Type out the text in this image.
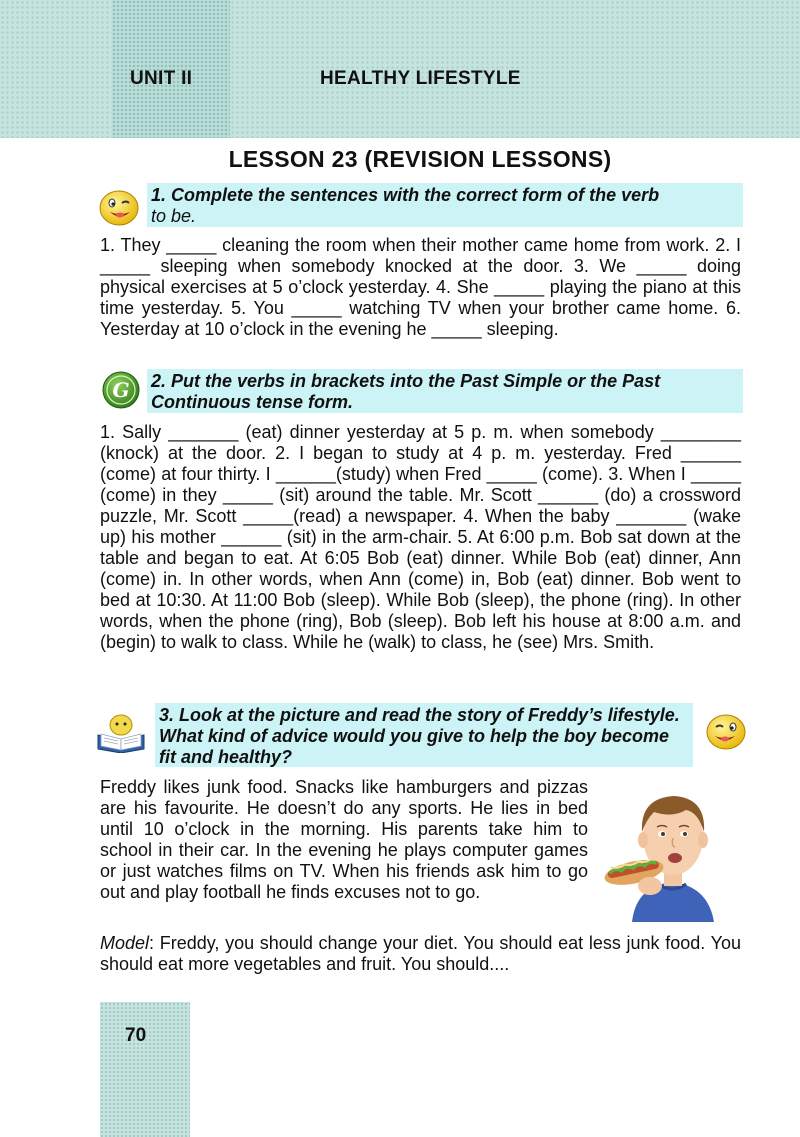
UNIT II	HEALTHY LIFESTYLE
LESSON 23 (REVISION LESSONS)
1. Complete the sentences with the correct form of the verb
to be.

1. They _____ cleaning the room when their mother came home from work. 2. I _____ sleeping when somebody knocked at the door. 3. We _____ doing physical exercises at 5 o’clock yesterday. 4. She _____ playing the piano at this time yesterday. 5. You _____ watching TV when your brother came home. 6. Yesterday at 10 o’clock in the evening he _____ sleeping.

G 2. Put the verbs in brackets into the Past Simple or the Past Continuous tense form.

1. Sally _______ (eat) dinner yesterday at 5 p. m. when somebody ________ (knock) at the door. 2. I began to study at 4 p. m. yesterday. Fred ______ (come) at four thirty. I ______(study) when Fred _____ (come). 3. When I _____ (come) in they _____ (sit) around the table. Mr. Scott ______ (do) a crossword puzzle, Mr. Scott _____(read) a newspaper. 4. When the baby _______ (wake up) his mother ______ (sit) in the arm-chair. 5. At 6:00 p.m. Bob sat down at the table and began to eat. At 6:05 Bob (eat) dinner. While Bob (eat) dinner, Ann (come) in. In other words, when Ann (come) in, Bob (eat) dinner. Bob went to bed at 10:30. At 11:00 Bob (sleep). While Bob (sleep), the phone (ring). In other words, when the phone (ring), Bob (sleep). Bob left his house at 8:00 a.m. and (begin) to walk to class. While he (walk) to class, he (see) Mrs. Smith.

3. Look at the picture and read the story of Freddy’s lifestyle. What kind of advice would you give to help the boy become fit and healthy?

Freddy likes junk food. Snacks like hamburgers and pizzas are his favourite. He doesn’t do any sports. He lies in bed until 10 o’clock in the morning. His parents take him to school in their car. In the evening he plays computer games or just watches films on TV. When his friends ask him to go out and play football he finds excuses not to go.

Model: Freddy, you should change your diet. You should eat less junk food. You should eat more vegetables and fruit. You should....

70
